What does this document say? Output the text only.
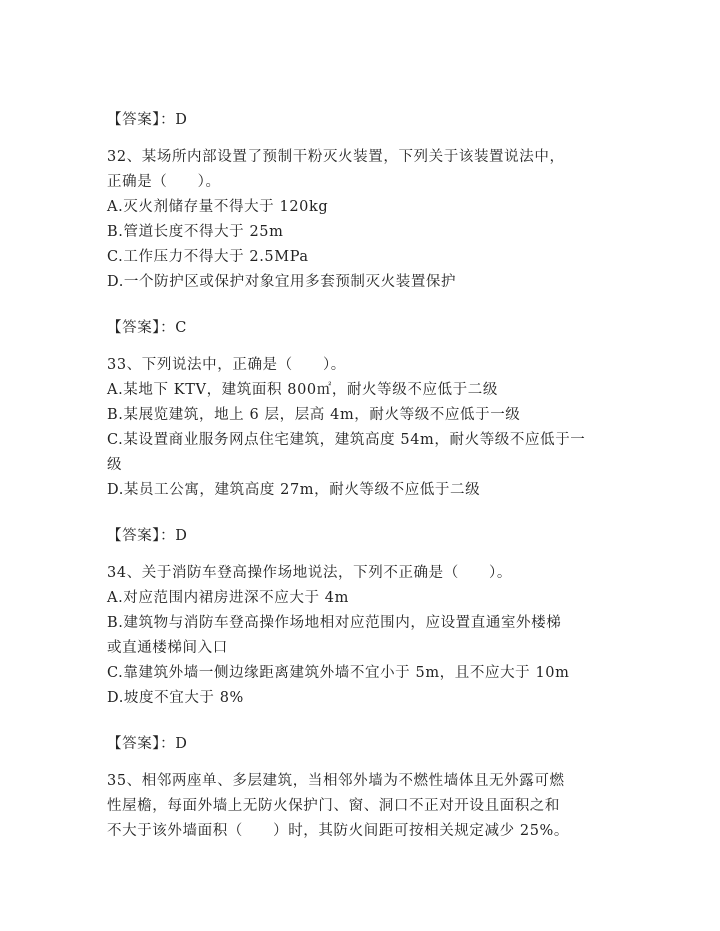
【答案】：D
32、某场所内部设置了预制干粉灭火装置，下列关于该装置说法中，
正确是（　　）。
A.灭火剂储存量不得大于 120kg
B.管道长度不得大于 25m
C.工作压力不得大于 2.5MPa
D.一个防护区或保护对象宜用多套预制灭火装置保护
【答案】：C
33、下列说法中，正确是（　　）。
A.某地下 KTV，建筑面积 800㎡，耐火等级不应低于二级
B.某展览建筑，地上 6 层，层高 4m，耐火等级不应低于一级
C.某设置商业服务网点住宅建筑，建筑高度 54m，耐火等级不应低于一
级
D.某员工公寓，建筑高度 27m，耐火等级不应低于二级
【答案】：D
34、关于消防车登高操作场地说法，下列不正确是（　　）。
A.对应范围内裙房进深不应大于 4m
B.建筑物与消防车登高操作场地相对应范围内，应设置直通室外楼梯
或直通楼梯间入口
C.靠建筑外墙一侧边缘距离建筑外墙不宜小于 5m，且不应大于 10m
D.坡度不宜大于 8%
【答案】：D
35、相邻两座单、多层建筑，当相邻外墙为不燃性墙体且无外露可燃
性屋檐，每面外墙上无防火保护门、窗、洞口不正对开设且面积之和
不大于该外墙面积（　　）时，其防火间距可按相关规定减少 25%。
